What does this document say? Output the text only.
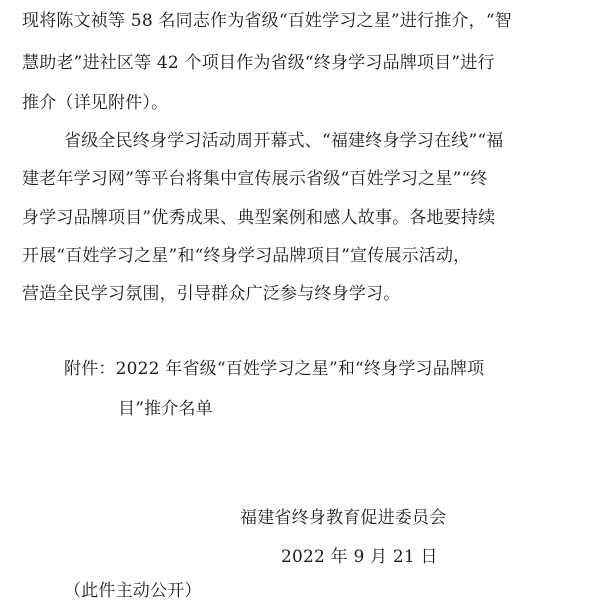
现将陈文祯等 58 名同志作为省级“百姓学习之星”进行推介，“智
慧助老”进社区等 42 个项目作为省级“终身学习品牌项目”进行
推介（详见附件）。
省级全民终身学习活动周开幕式、“福建终身学习在线”“福
建老年学习网”等平台将集中宣传展示省级“百姓学习之星”“终
身学习品牌项目”优秀成果、典型案例和感人故事。各地要持续
开展“百姓学习之星”和“终身学习品牌项目”宣传展示活动，
营造全民学习氛围，引导群众广泛参与终身学习。
附件：2022 年省级“百姓学习之星”和“终身学习品牌项
目”推介名单
福建省终身教育促进委员会
2022 年 9 月 21 日
（此件主动公开）
